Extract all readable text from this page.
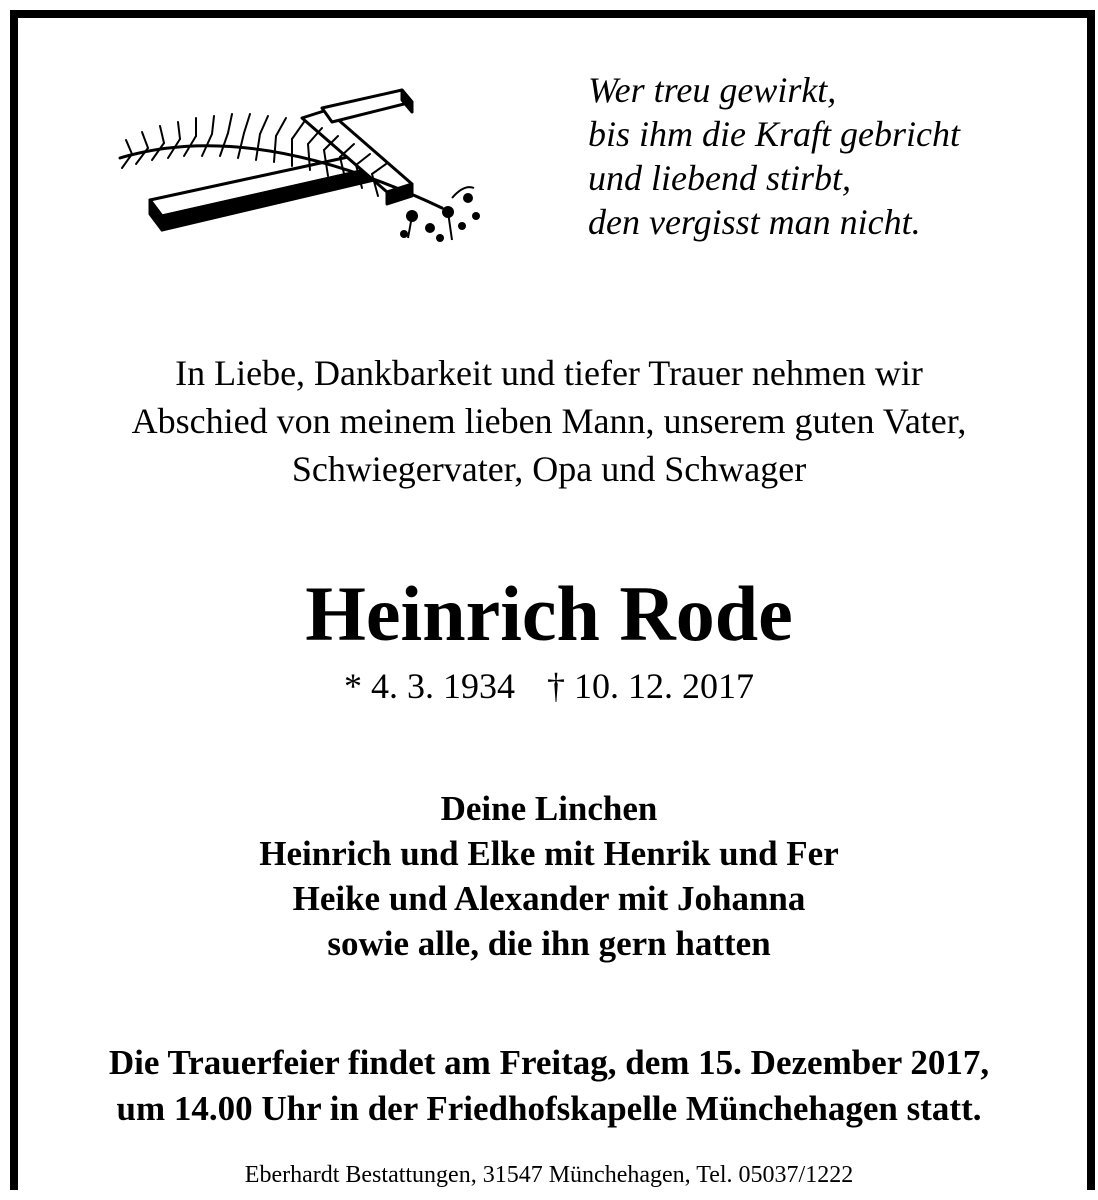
Wer treu gewirkt,
bis ihm die Kraft gebricht
und liebend stirbt,
den vergisst man nicht.
In Liebe, Dankbarkeit und tiefer Trauer nehmen wir
Abschied von meinem lieben Mann, unserem guten Vater,
Schwiegervater, Opa und Schwager
Heinrich Rode
* 4. 3. 1934 † 10. 12. 2017
Deine Linchen
Heinrich und Elke mit Henrik und Fer
Heike und Alexander mit Johanna
sowie alle, die ihn gern hatten
Die Trauerfeier findet am Freitag, dem 15. Dezember 2017,
um 14.00 Uhr in der Friedhofskapelle Münchehagen statt.
Eberhardt Bestattungen, 31547 Münchehagen, Tel. 05037/1222
